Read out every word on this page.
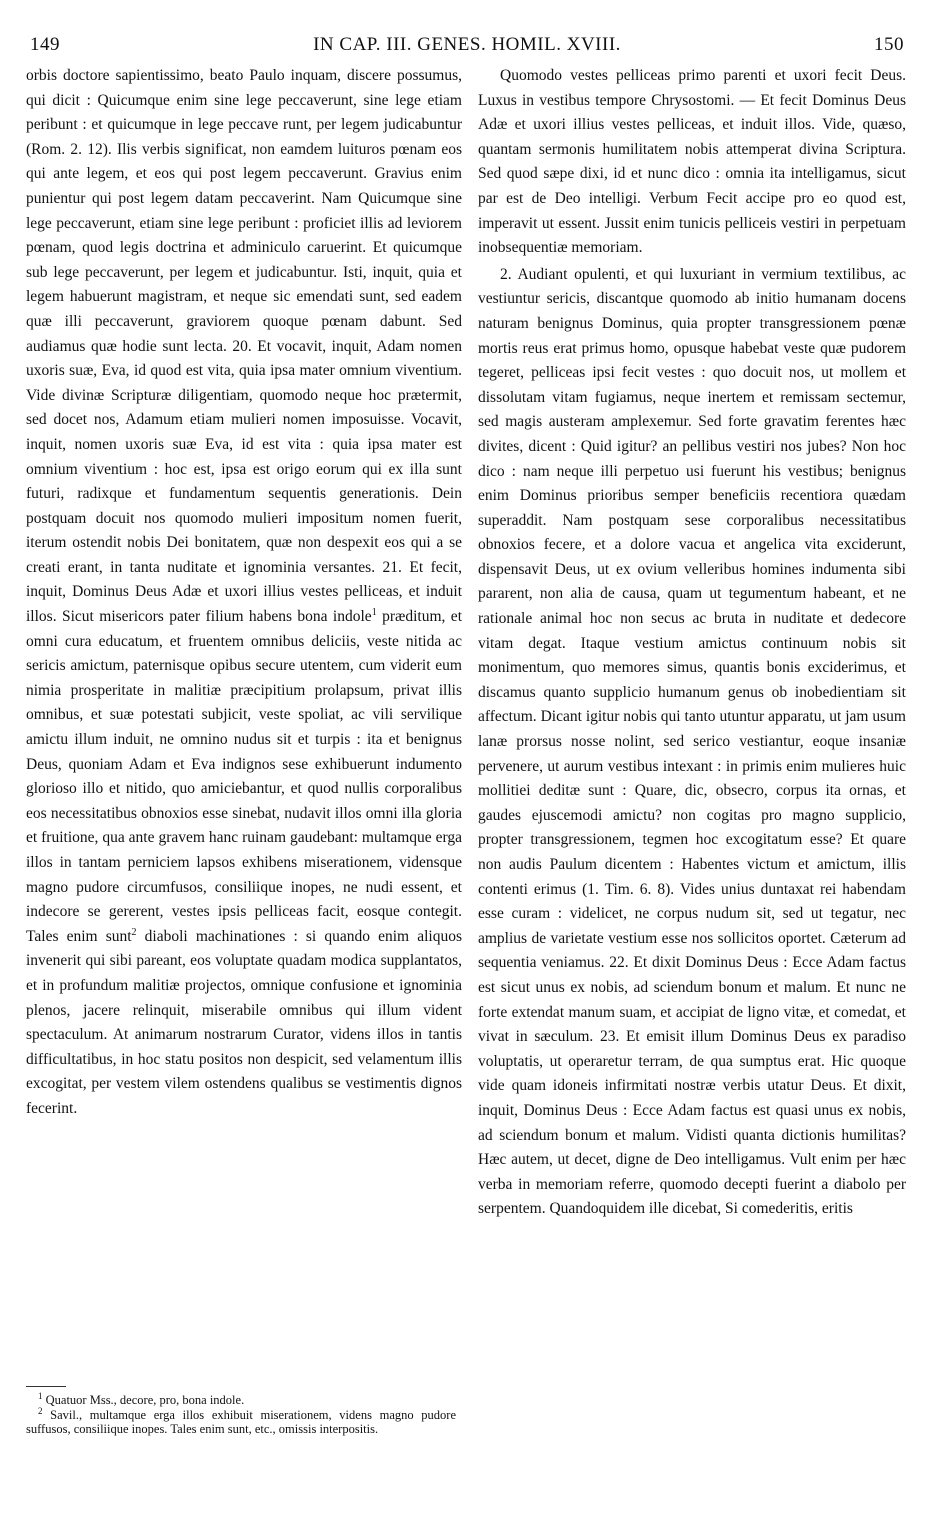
149	IN CAP. III. GENES. HOMIL. XVIII.	150

orbis doctore sapientissimo, beato Paulo inquam, discere possumus, qui dicit : Quicumque enim sine lege peccaverunt, sine lege etiam peribunt : et quicumque in lege peccave runt, per legem judicabuntur (Rom. 2. 12). Ilis verbis significat, non eamdem luituros pœnam eos qui ante legem, et eos qui post legem peccaverunt. Gravius enim punientur qui post legem datam peccaverint. Nam Quicumque sine lege peccaverunt, etiam sine lege peribunt : proficiet illis ad leviorem pœnam, quod legis doctrina et adminiculo caruerint. Et quicumque sub lege peccaverunt, per legem et judicabuntur. Isti, inquit, quia et legem habuerunt magistram, et neque sic emendati sunt, sed eadem quæ illi peccaverunt, graviorem quoque pœnam dabunt. Sed audiamus quæ hodie sunt lecta. 20. Et vocavit, inquit, Adam nomen uxoris suæ, Eva, id quod est vita, quia ipsa mater omnium viventium. Vide divinæ Scripturæ diligentiam, quomodo neque hoc prætermit, sed docet nos, Adamum etiam mulieri nomen imposuisse. Vocavit, inquit, nomen uxoris suæ Eva, id est vita : quia ipsa mater est omnium viventium : hoc est, ipsa est origo eorum qui ex illa sunt futuri, radixque et fundamentum sequentis generationis. Dein postquam docuit nos quomodo mulieri impositum nomen fuerit, iterum ostendit nobis Dei bonitatem, quæ non despexit eos qui a se creati erant, in tanta nuditate et ignominia versantes. 21. Et fecit, inquit, Dominus Deus Adæ et uxori illius vestes pelliceas, et induit illos. Sicut misericors pater filium habens bona indole$^1$ præditum, et omni cura educatum, et fruentem omnibus deliciis, veste nitida ac sericis amictum, paternisque opibus secure utentem, cum viderit eum nimia prosperitate in malitiæ præcipitium prolapsum, privat illis omnibus, et suæ potestati subjicit, veste spoliat, ac vili servilique amictu illum induit, ne omnino nudus sit et turpis : ita et benignus Deus, quoniam Adam et Eva indignos sese exhibuerunt indumento glorioso illo et nitido, quo amiciebantur, et quod nullis corporalibus eos necessitatibus obnoxios esse sinebat, nudavit illos omni illa gloria et fruitione, qua ante gravem hanc ruinam gaudebant: multamque erga illos in tantam perniciem lapsos exhibens miserationem, vidensque magno pudore circumfusos, consiliique inopes, ne nudi essent, et indecore se gererent, vestes ipsis pelliceas facit, eosque contegit. Tales enim sunt$^2$ diaboli machinationes : si quando enim aliquos invenerit qui sibi pareant, eos voluptate quadam modica supplantatos, et in profundum malitiæ projectos, omnique confusione et ignominia plenos, jacere relinquit, miserabile omnibus qui illum vident spectaculum. At animarum nostrarum Curator, videns illos in tantis difficultatibus, in hoc statu positos non despicit, sed velamentum illis excogitat, per vestem vilem ostendens qualibus se vestimentis dignos fecerint.

$^1$ Quatuor Mss., decore, pro, bona indole.

$^2$ Savil., multamque erga illos exhibuit miserationem, videns magno pudore suffusos, consiliique inopes. Tales enim sunt, etc., omissis interpositis.

Quomodo vestes pelliceas primo parenti et uxori fecit Deus. Luxus in vestibus tempore Chrysostomi. — Et fecit Dominus Deus Adæ et uxori illius vestes pelliceas, et induit illos. Vide, quæso, quantam sermonis humilitatem nobis attemperat divina Scriptura. Sed quod sæpe dixi, id et nunc dico : omnia ita intelligamus, sicut par est de Deo intelligi. Verbum Fecit accipe pro eo quod est, imperavit ut essent. Jussit enim tunicis pelliceis vestiri in perpetuam inobsequentiæ memoriam.

2. Audiant opulenti, et qui luxuriant in vermium textilibus, ac vestiuntur sericis, discantque quomodo ab initio humanam docens naturam benignus Dominus, quia propter transgressionem pœnæ mortis reus erat primus homo, opusque habebat veste quæ pudorem tegeret, pelliceas ipsi fecit vestes : quo docuit nos, ut mollem et dissolutam vitam fugiamus, neque inertem et remissam sectemur, sed magis austeram amplexemur. Sed forte gravatim ferentes hæc divites, dicent : Quid igitur? an pellibus vestiri nos jubes? Non hoc dico : nam neque illi perpetuo usi fuerunt his vestibus; benignus enim Dominus prioribus semper beneficiis recentiora quædam superaddit. Nam postquam sese corporalibus necessitatibus obnoxios fecere, et a dolore vacua et angelica vita exciderunt, dispensavit Deus, ut ex ovium velleribus homines indumenta sibi pararent, non alia de causa, quam ut tegumentum habeant, et ne rationale animal hoc non secus ac bruta in nuditate et dedecore vitam degat. Itaque vestium amictus continuum nobis sit monimentum, quo memores simus, quantis bonis exciderimus, et discamus quanto supplicio humanum genus ob inobedientiam sit affectum. Dicant igitur nobis qui tanto utuntur apparatu, ut jam usum lanæ prorsus nosse nolint, sed serico vestiantur, eoque insaniæ pervenere, ut aurum vestibus intexant : in primis enim mulieres huic mollitiei deditæ sunt : Quare, dic, obsecro, corpus ita ornas, et gaudes ejuscemodi amictu? non cogitas pro magno supplicio, propter transgressionem, tegmen hoc excogitatum esse? Et quare non audis Paulum dicentem : Habentes victum et amictum, illis contenti erimus (1. Tim. 6. 8). Vides unius duntaxat rei habendam esse curam : videlicet, ne corpus nudum sit, sed ut tegatur, nec amplius de varietate vestium esse nos sollicitos oportet. Cæterum ad sequentia veniamus. 22. Et dixit Dominus Deus : Ecce Adam factus est sicut unus ex nobis, ad sciendum bonum et malum. Et nunc ne forte extendat manum suam, et accipiat de ligno vitæ, et comedat, et vivat in sæculum. 23. Et emisit illum Dominus Deus ex paradiso voluptatis, ut operaretur terram, de qua sumptus erat. Hic quoque vide quam idoneis infirmitati nostræ verbis utatur Deus. Et dixit, inquit, Dominus Deus : Ecce Adam factus est quasi unus ex nobis, ad sciendum bonum et malum. Vidisti quanta dictionis humilitas? Hæc autem, ut decet, digne de Deo intelligamus. Vult enim per hæc verba in memoriam referre, quomodo decepti fuerint a diabolo per serpentem. Quandoquidem ille dicebat, Si comederitis, eritis
